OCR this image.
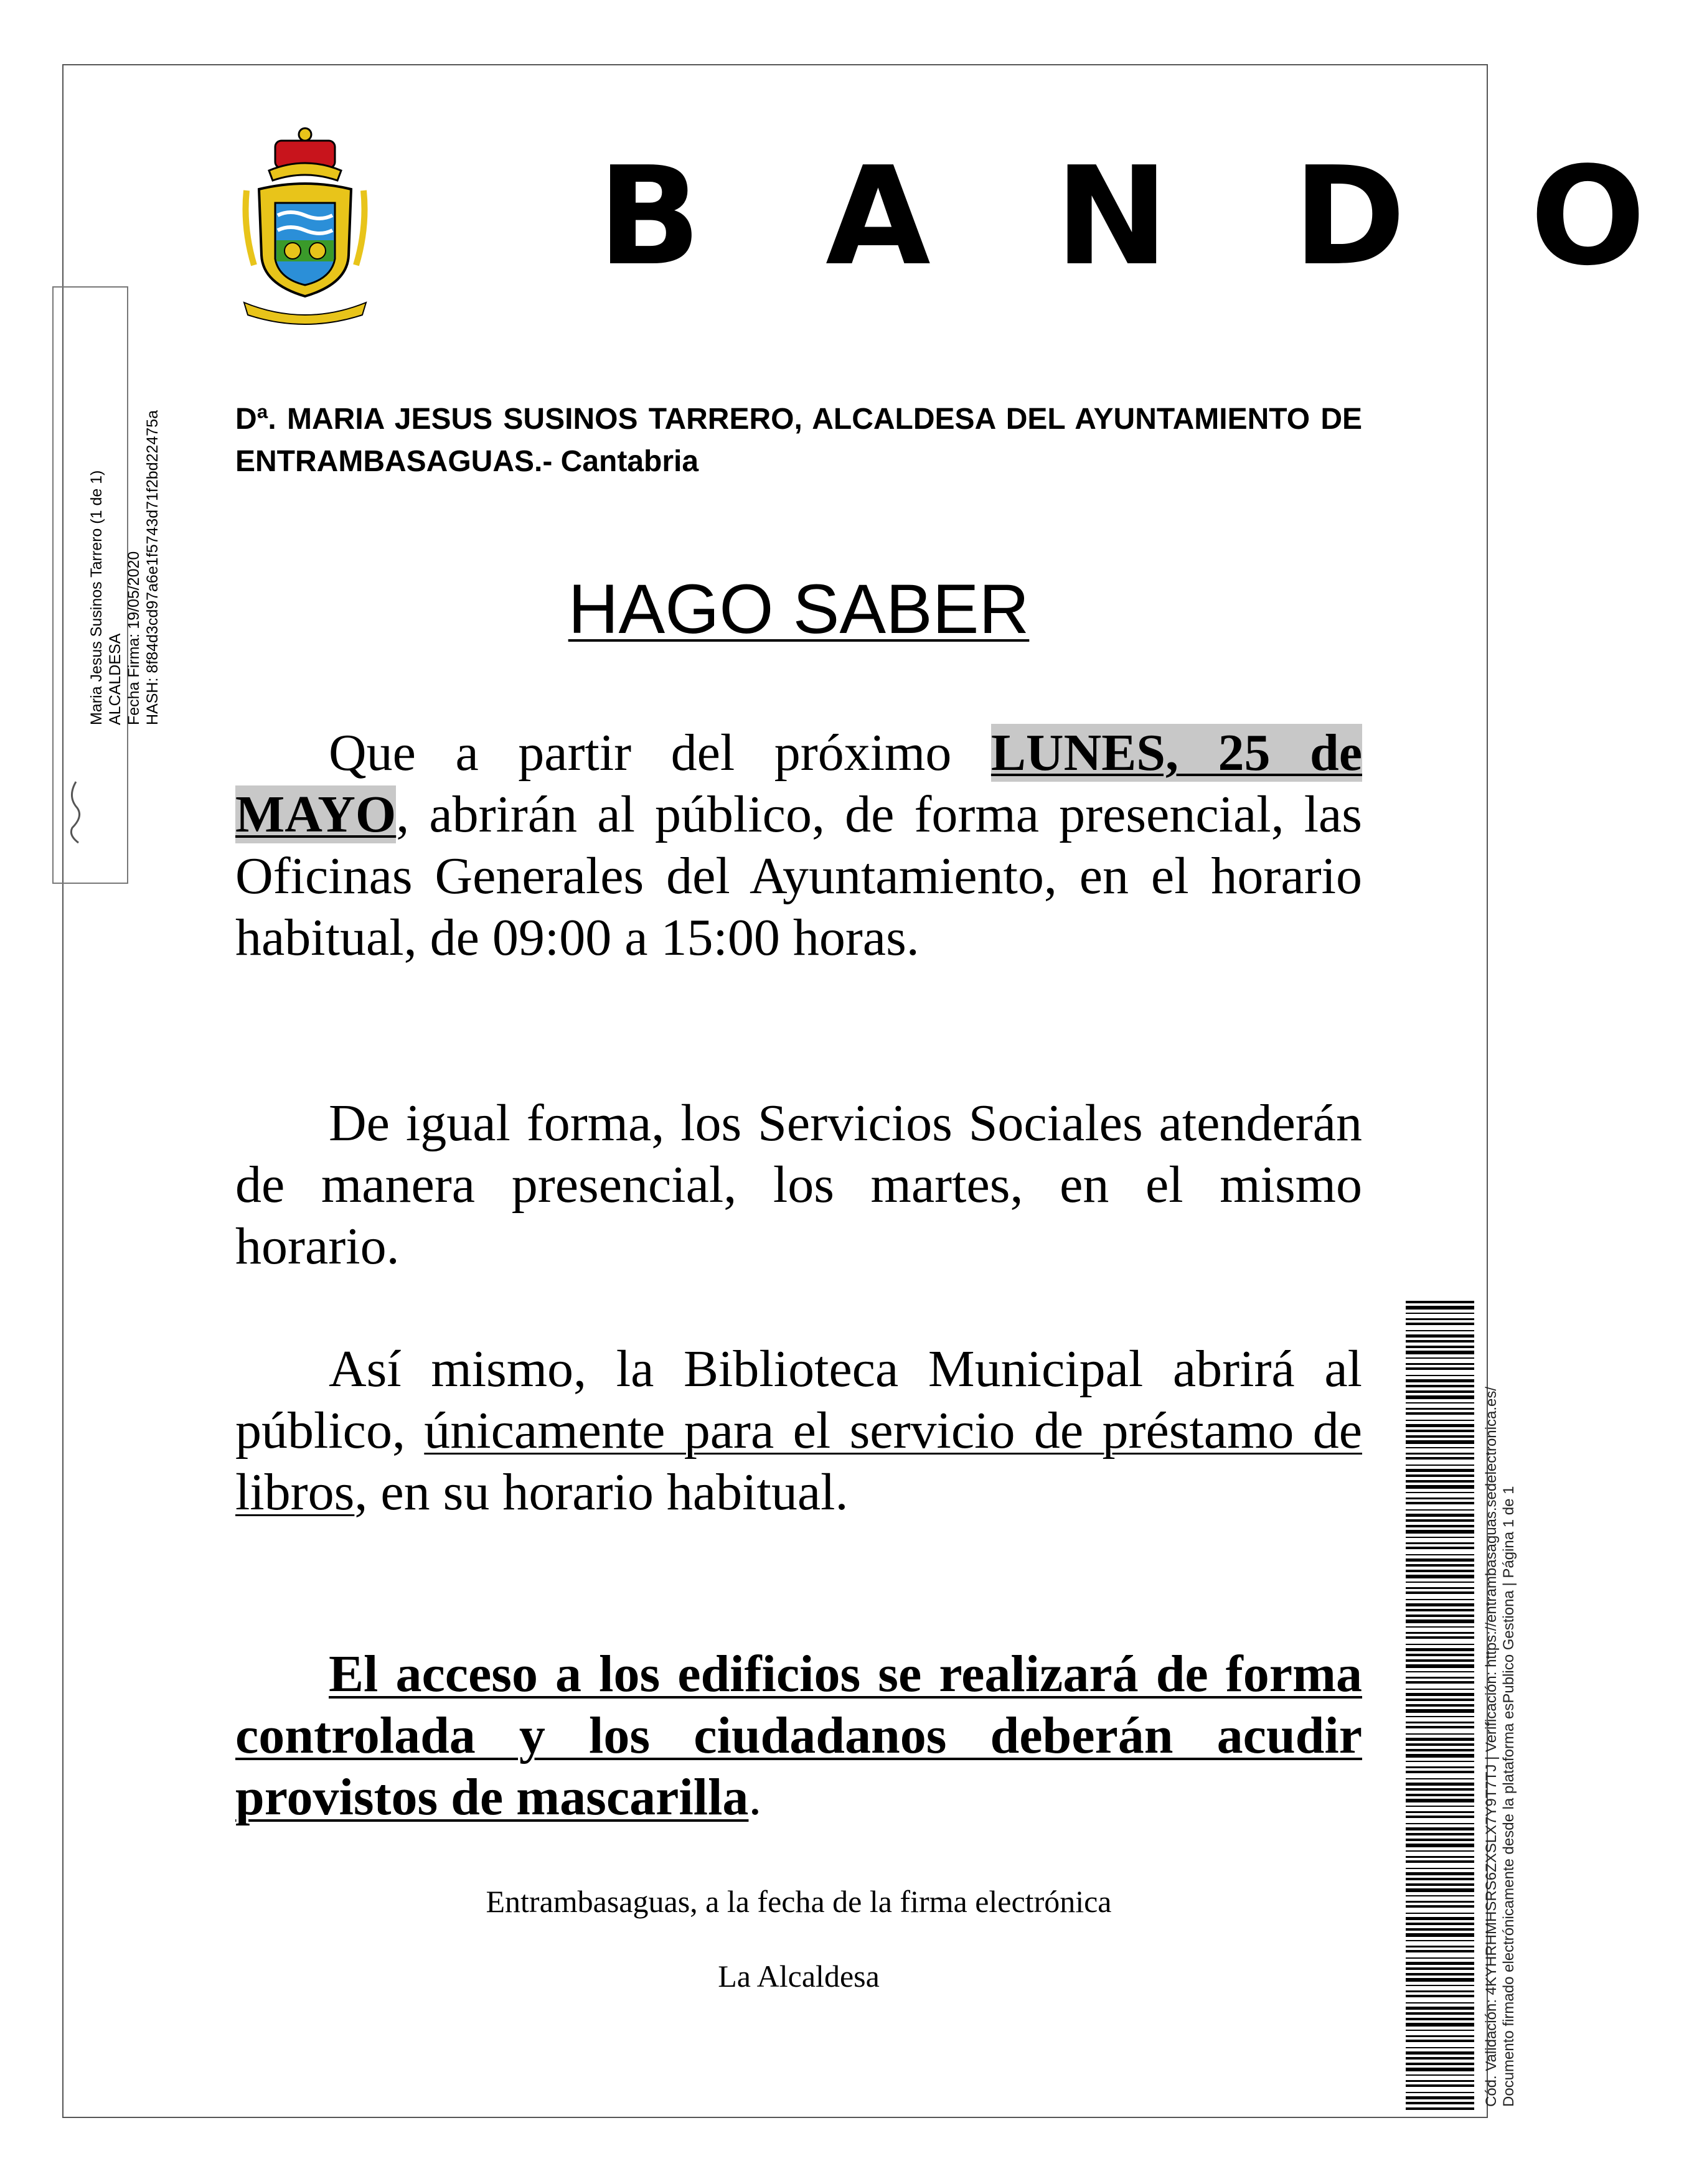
B A N D O
Dª. MARIA JESUS SUSINOS TARRERO, ALCALDESA DEL AYUNTAMIENTO DE ENTRAMBASAGUAS.- Cantabria
HAGO SABER

Que a partir del próximo LUNES, 25 de MAYO, abrirán al público, de forma presencial, las Oficinas Generales del Ayuntamiento, en el horario habitual, de 09:00 a 15:00 horas.

De igual forma, los Servicios Sociales atenderán de manera presencial, los martes, en el mismo horario.

Así mismo, la Biblioteca Municipal abrirá al público, únicamente para el servicio de préstamo de libros, en su horario habitual.

El acceso a los edificios se realizará de forma controlada y los ciudadanos deberán acudir provistos de mascarilla.

Entrambasaguas, a la fecha de la firma electrónica
La Alcaldesa
Maria Jesus Susinos Tarrero (1 de 1) ALCALDESA Fecha Firma: 19/05/2020 HASH: 8f84d3cd97a6e1f5743d71f2bd22475a
Cód. Validación: 4KYHRHMHSRS6ZXSLX7Y9T7TJ | Verificación: https://entrambasaguas.sedelectronica.es/ Documento firmado electrónicamente desde la plataforma esPublico Gestiona | Página 1 de 1
